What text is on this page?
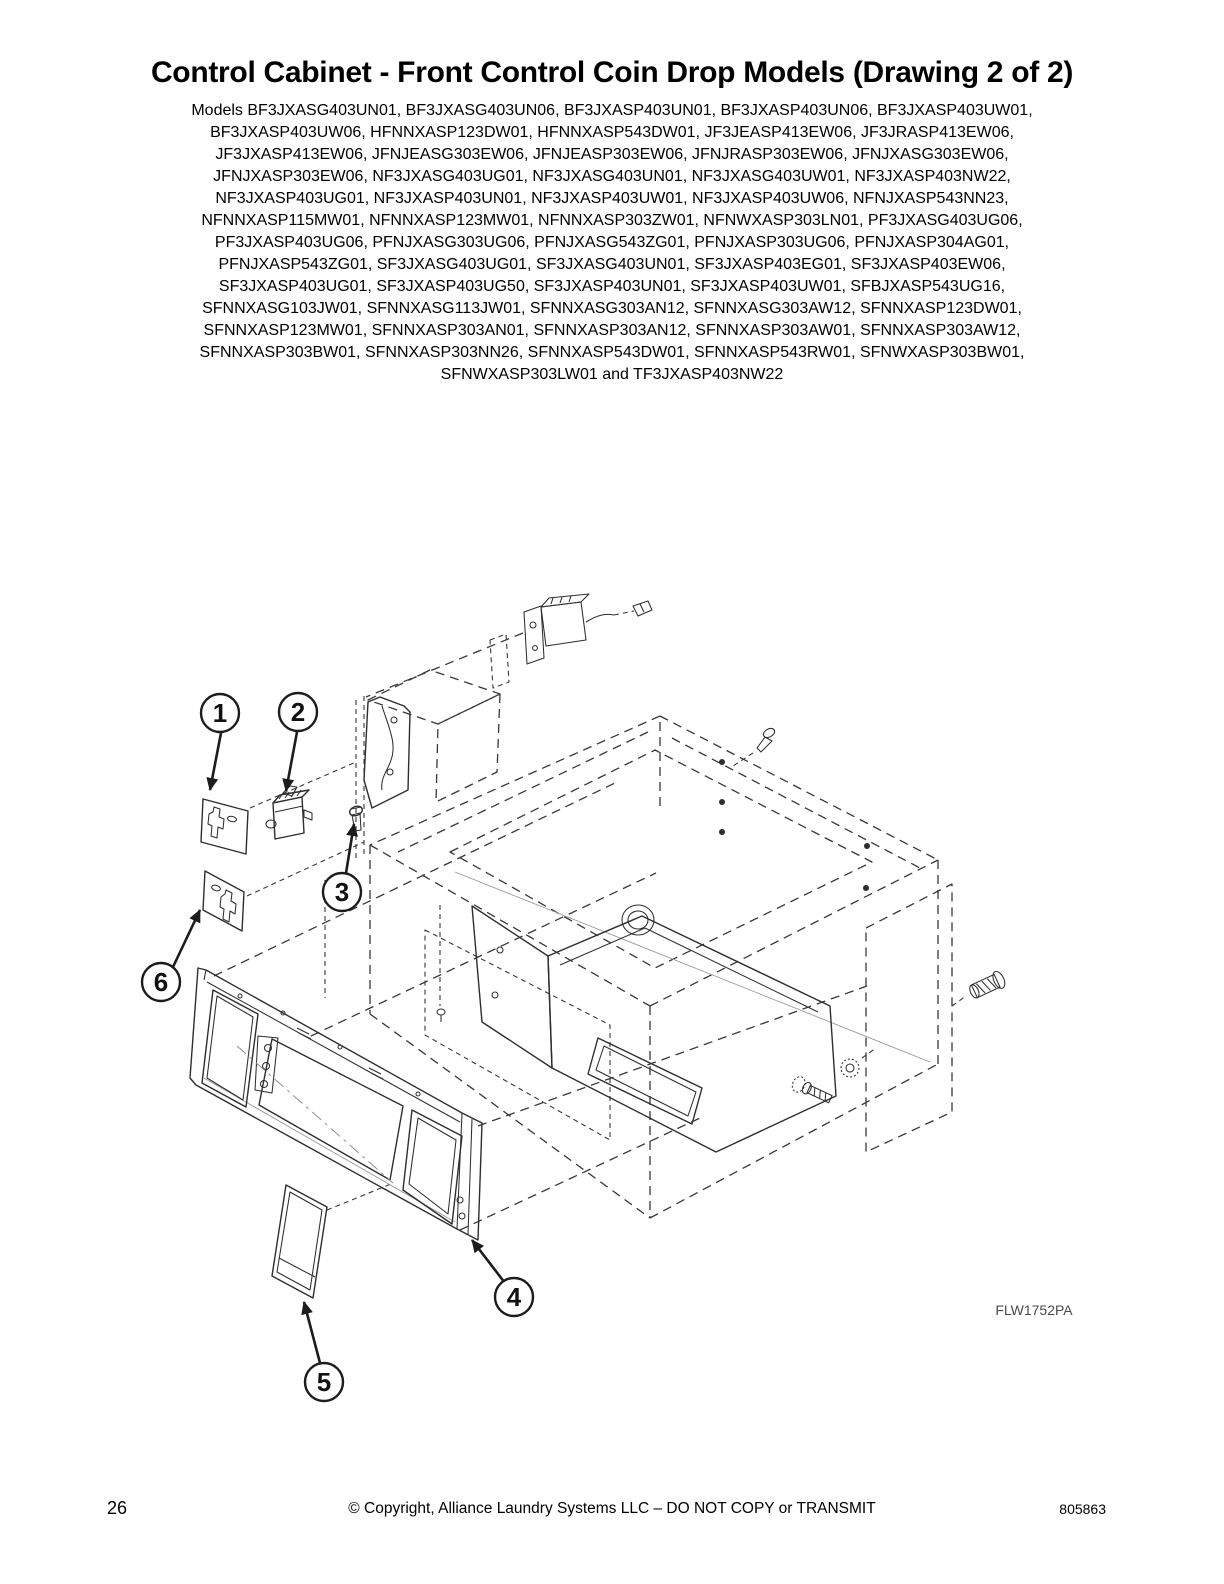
Control Cabinet - Front Control Coin Drop Models (Drawing 2 of 2)
Models BF3JXASG403UN01, BF3JXASG403UN06, BF3JXASP403UN01, BF3JXASP403UN06, BF3JXASP403UW01,
BF3JXASP403UW06, HFNNXASP123DW01, HFNNXASP543DW01, JF3JEASP413EW06, JF3JRASP413EW06,
JF3JXASP413EW06, JFNJEASG303EW06, JFNJEASP303EW06, JFNJRASP303EW06, JFNJXASG303EW06,
JFNJXASP303EW06, NF3JXASG403UG01, NF3JXASG403UN01, NF3JXASG403UW01, NF3JXASP403NW22,
NF3JXASP403UG01, NF3JXASP403UN01, NF3JXASP403UW01, NF3JXASP403UW06, NFNJXASP543NN23,
NFNNXASP115MW01, NFNNXASP123MW01, NFNNXASP303ZW01, NFNWXASP303LN01, PF3JXASG403UG06,
PF3JXASP403UG06, PFNJXASG303UG06, PFNJXASG543ZG01, PFNJXASP303UG06, PFNJXASP304AG01,
PFNJXASP543ZG01, SF3JXASG403UG01, SF3JXASG403UN01, SF3JXASP403EG01, SF3JXASP403EW06,
SF3JXASP403UG01, SF3JXASP403UG50, SF3JXASP403UN01, SF3JXASP403UW01, SFBJXASP543UG16,
SFNNXASG103JW01, SFNNXASG113JW01, SFNNXASG303AN12, SFNNXASG303AW12, SFNNXASP123DW01,
SFNNXASP123MW01, SFNNXASP303AN01, SFNNXASP303AN12, SFNNXASP303AW01, SFNNXASP303AW12,
SFNNXASP303BW01, SFNNXASP303NN26, SFNNXASP543DW01, SFNNXASP543RW01, SFNWXASP303BW01,
SFNWXASP303LW01 and TF3JXASP403NW22
1 2
3
4
5
6
FLW1752PA
26	© Copyright, Alliance Laundry Systems LLC – DO NOT COPY or TRANSMIT	805863
